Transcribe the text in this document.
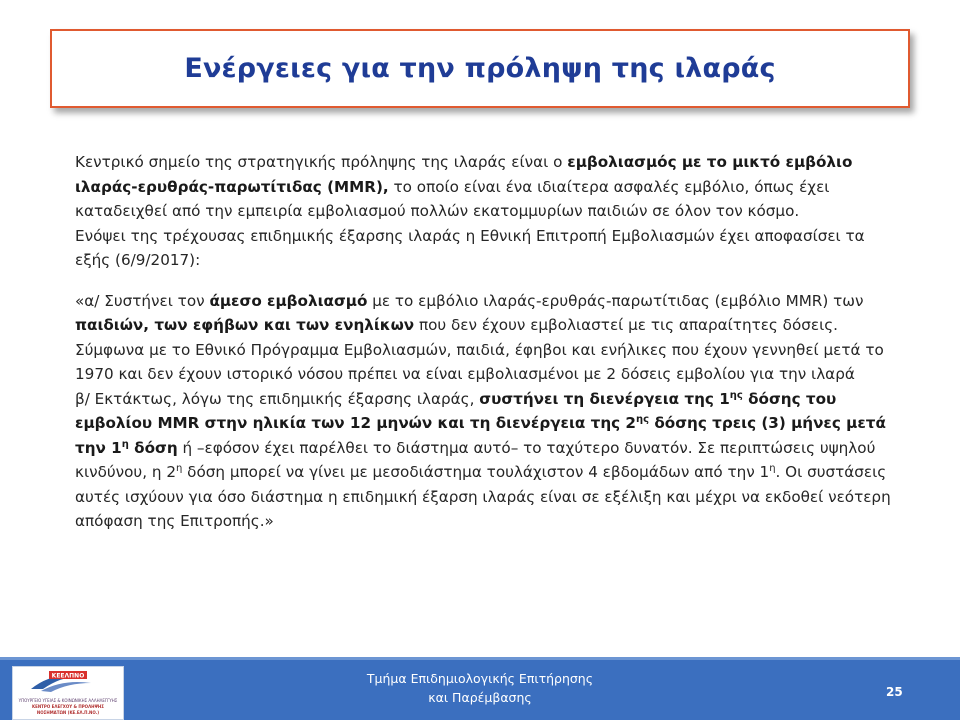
Ενέργειες για την πρόληψη της ιλαράς

Κεντρικό σημείο της στρατηγικής πρόληψης της ιλαράς είναι ο εμβολιασμός με το μικτό εμβόλιο ιλαράς-ερυθράς-παρωτίτιδας (MMR), το οποίο είναι ένα ιδιαίτερα ασφαλές εμβόλιο, όπως έχει καταδειχθεί από την εμπειρία εμβολιασμού πολλών εκατομμυρίων παιδιών σε όλον τον κόσμο.

Ενόψει της τρέχουσας επιδημικής έξαρσης ιλαράς η Εθνική Επιτροπή Εμβολιασμών έχει αποφασίσει τα εξής (6/9/2017):

«α/ Συστήνει τον άμεσο εμβολιασμό με το εμβόλιο ιλαράς-ερυθράς-παρωτίτιδας (εμβόλιο MMR) των παιδιών, των εφήβων και των ενηλίκων που δεν έχουν εμβολιαστεί με τις απαραίτητες δόσεις. Σύμφωνα με το Εθνικό Πρόγραμμα Εμβολιασμών, παιδιά, έφηβοι και ενήλικες που έχουν γεννηθεί μετά το 1970 και δεν έχουν ιστορικό νόσου πρέπει να είναι εμβολιασμένοι με 2 δόσεις εμβολίου για την ιλαρά

β/ Εκτάκτως, λόγω της επιδημικής έξαρσης ιλαράς, συστήνει τη διενέργεια της $1^{\eta\varsigma}$ δόσης του εμβολίου MMR στην ηλικία των 12 μηνών και τη διενέργεια της $2^{\eta\varsigma}$ δόσης τρεις (3) μήνες μετά την $1^\eta$ δόση ή –εφόσον έχει παρέλθει το διάστημα αυτό– το ταχύτερο δυνατόν. Σε περιπτώσεις υψηλού κινδύνου, η $2^\eta$ δόση μπορεί να γίνει με μεσοδιάστημα τουλάχιστον 4 εβδομάδων από την $1^\eta$. Οι συστάσεις αυτές ισχύουν για όσο διάστημα η επιδημική έξαρση ιλαράς είναι σε εξέλιξη και μέχρι να εκδοθεί νεότερη απόφαση της Επιτροπής.»

ΚΕΕΛΠΝΟ
ΥΠΟΥΡΓΕΙΟ ΥΓΕΙΑΣ & ΚΟΙΝΩΝΙΚΗΣ ΑΛΛΗΛΕΓΓΥΗΣ
ΚΕΝΤΡΟ ΕΛΕΓΧΟΥ & ΠΡΟΛΗΨΗΣ
ΝΟΣΗΜΑΤΩΝ (ΚΕ.ΕΛ.Π.ΝΟ.)
Τμήμα Επιδημιολογικής Επιτήρησης
και Παρέμβασης	25
